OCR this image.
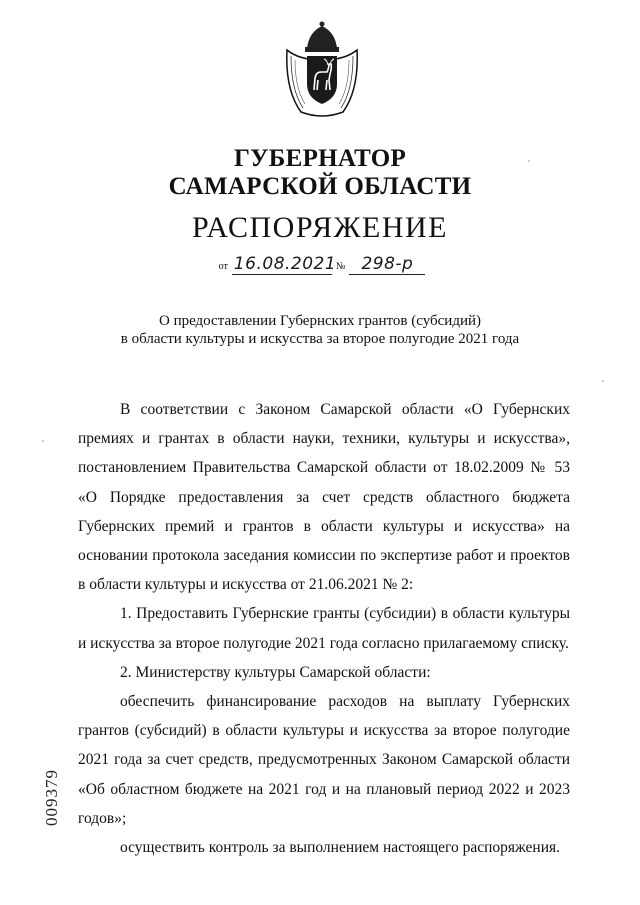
ГУБЕРНАТОР
САМАРСКОЙ ОБЛАСТИ
РАСПОРЯЖЕНИЕ
от 16.08.2021№ 298-р
О предоставлении Губернских грантов (субсидий)
в области культуры и искусства за второе полугодие 2021 года

В соответствии с Законом Самарской области «О Губернских премиях и грантах в области науки, техники, культуры и искусства», постановлением Правительства Самарской области от 18.02.2009 № 53 «О Порядке предоставления за счет средств областного бюджета Губернских премий и грантов в области культуры и искусства» на основании протокола заседания комиссии по экспертизе работ и проектов в области культуры и искусства от 21.06.2021 № 2:

1. Предоставить Губернские гранты (субсидии) в области культуры и искусства за второе полугодие 2021 года согласно прилагаемому списку.

2. Министерству культуры Самарской области:

обеспечить финансирование расходов на выплату Губернских грантов (субсидий) в области культуры и искусства за второе полугодие 2021 года за счет средств, предусмотренных Законом Самарской области «Об областном бюджете на 2021 год и на плановый период 2022 и 2023 годов»;

осуществить контроль за выполнением настоящего распоряжения.

009379
